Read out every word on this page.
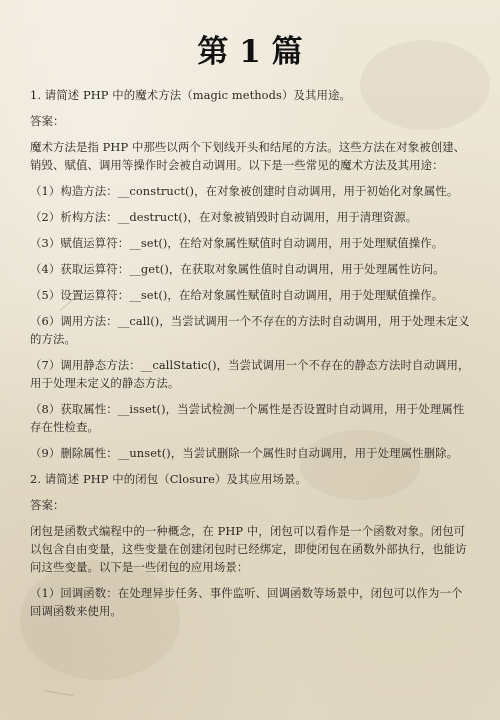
第 1 篇

1. 请简述 PHP 中的魔术方法（magic methods）及其用途。

答案：

魔术方法是指 PHP 中那些以两个下划线开头和结尾的方法。这些方法在对象被创建、销毁、赋值、调用等操作时会被自动调用。以下是一些常见的魔术方法及其用途：

（1）构造方法：__construct()，在对象被创建时自动调用，用于初始化对象属性。

（2）析构方法：__destruct()，在对象被销毁时自动调用，用于清理资源。

（3）赋值运算符：__set()，在给对象属性赋值时自动调用，用于处理赋值操作。

（4）获取运算符：__get()，在获取对象属性值时自动调用，用于处理属性访问。

（5）设置运算符：__set()，在给对象属性赋值时自动调用，用于处理赋值操作。

（6）调用方法：__call()，当尝试调用一个不存在的方法时自动调用，用于处理未定义的方法。

（7）调用静态方法：__callStatic()，当尝试调用一个不存在的静态方法时自动调用，用于处理未定义的静态方法。

（8）获取属性：__isset()，当尝试检测一个属性是否设置时自动调用，用于处理属性存在性检查。

（9）删除属性：__unset()，当尝试删除一个属性时自动调用，用于处理属性删除。

2. 请简述 PHP 中的闭包（Closure）及其应用场景。

答案：

闭包是函数式编程中的一种概念，在 PHP 中，闭包可以看作是一个函数对象。闭包可以包含自由变量，这些变量在创建闭包时已经绑定，即使闭包在函数外部执行，也能访问这些变量。以下是一些闭包的应用场景：

（1）回调函数：在处理异步任务、事件监听、回调函数等场景中，闭包可以作为一个回调函数来使用。
